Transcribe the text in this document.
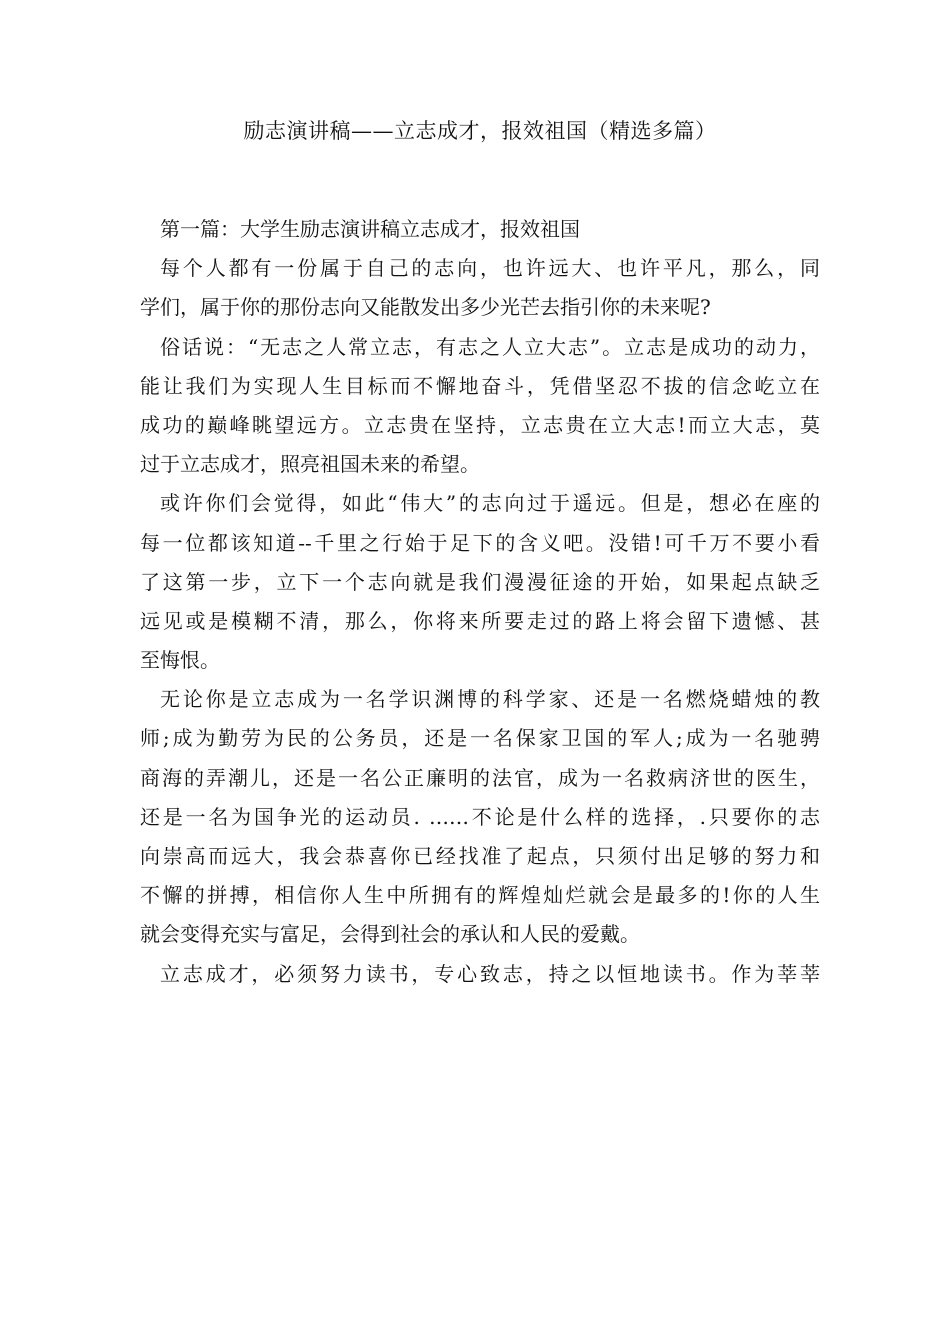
励志演讲稿——立志成才，报效祖国（精选多篇）
第一篇：大学生励志演讲稿立志成才，报效祖国
每个人都有一份属于自己的志向，也许远大、也许平凡，那么，同
学们，属于你的那份志向又能散发出多少光芒去指引你的未来呢?
俗话说：“无志之人常立志，有志之人立大志”。立志是成功的动力，
能让我们为实现人生目标而不懈地奋斗，凭借坚忍不拔的信念屹立在
成功的巅峰眺望远方。立志贵在坚持，立志贵在立大志!而立大志，莫
过于立志成才，照亮祖国未来的希望。
或许你们会觉得，如此“伟大”的志向过于遥远。但是，想必在座的
每一位都该知道--千里之行始于足下的含义吧。没错!可千万不要小看
了这第一步，立下一个志向就是我们漫漫征途的开始，如果起点缺乏
远见或是模糊不清，那么，你将来所要走过的路上将会留下遗憾、甚
至悔恨。
无论你是立志成为一名学识渊博的科学家、还是一名燃烧蜡烛的教
师;成为勤劳为民的公务员，还是一名保家卫国的军人;成为一名驰骋
商海的弄潮儿，还是一名公正廉明的法官，成为一名救病济世的医生，
还是一名为国争光的运动员. ……不论是什么样的选择，.只要你的志
向崇高而远大，我会恭喜你已经找准了起点，只须付出足够的努力和
不懈的拼搏，相信你人生中所拥有的辉煌灿烂就会是最多的!你的人生
就会变得充实与富足，会得到社会的承认和人民的爱戴。
立志成才，必须努力读书，专心致志，持之以恒地读书。作为莘莘
